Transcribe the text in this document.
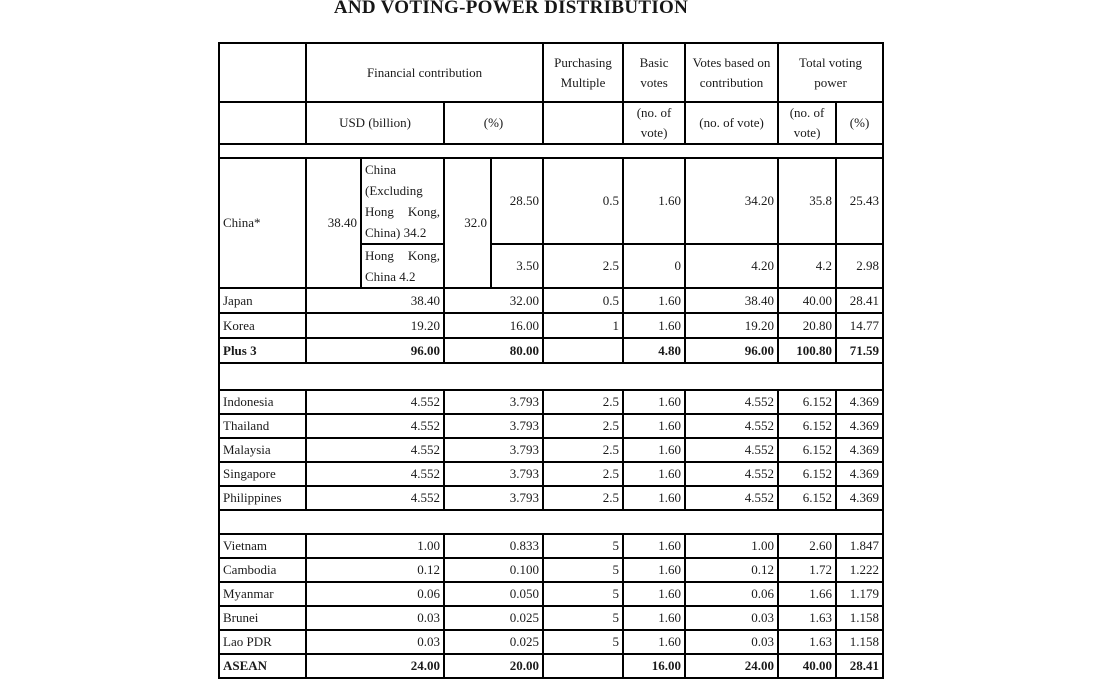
AND VOTING-POWER DISTRIBUTION
	Financial contribution				Purchasing Multiple	Basic votes	Votes based on contribution	Total voting power	
	USD (billion)		(%)			(no. of vote)	(no. of vote)	(no. of vote)	(%)

China*	38.40	China (Excluding Hong Kong, China) 34.2	32.0	28.50	0.5	1.60	34.20	35.8	25.43
		Hong Kong, China 4.2		3.50	2.5	0	4.20	4.2	2.98
Japan	38.40		32.00		0.5	1.60	38.40	40.00	28.41
Korea	19.20		16.00		1	1.60	19.20	20.80	14.77
Plus 3	96.00		80.00			4.80	96.00	100.80	71.59

Indonesia	4.552		3.793		2.5	1.60	4.552	6.152	4.369
Thailand	4.552		3.793		2.5	1.60	4.552	6.152	4.369
Malaysia	4.552		3.793		2.5	1.60	4.552	6.152	4.369
Singapore	4.552		3.793		2.5	1.60	4.552	6.152	4.369
Philippines	4.552		3.793		2.5	1.60	4.552	6.152	4.369

Vietnam	1.00		0.833		5	1.60	1.00	2.60	1.847
Cambodia	0.12		0.100		5	1.60	0.12	1.72	1.222
Myanmar	0.06		0.050		5	1.60	0.06	1.66	1.179
Brunei	0.03		0.025		5	1.60	0.03	1.63	1.158
Lao PDR	0.03		0.025		5	1.60	0.03	1.63	1.158
ASEAN	24.00		20.00			16.00	24.00	40.00	28.41
